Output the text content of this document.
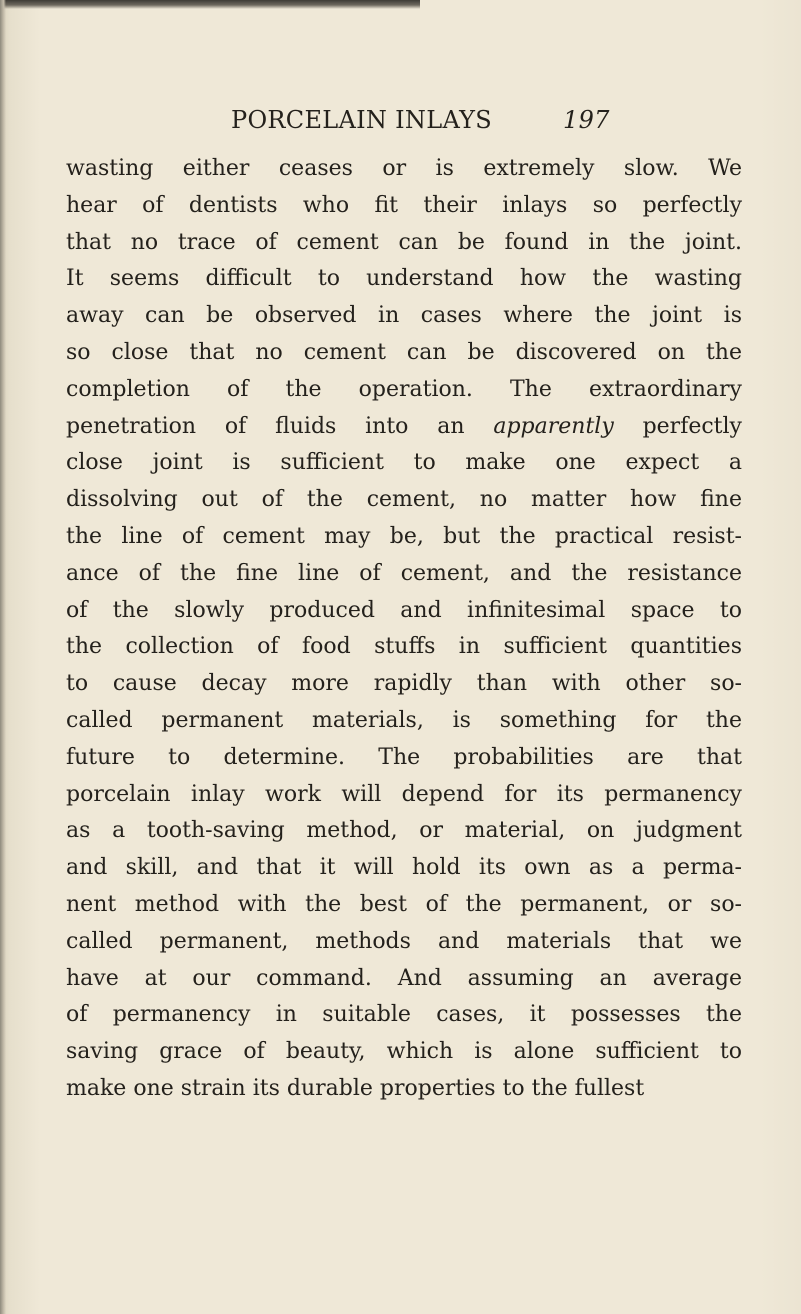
PORCELAIN INLAYS	197
wasting either ceases or is extremely slow. We
hear of dentists who fit their inlays so perfectly
that no trace of cement can be found in the joint.
It seems difficult to understand how the wasting
away can be observed in cases where the joint is
so close that no cement can be discovered on the
completion of the operation. The extraordinary
penetration of fluids into an apparently perfectly
close joint is sufficient to make one expect a
dissolving out of the cement, no matter how fine
the line of cement may be, but the practical resist-
ance of the fine line of cement, and the resistance
of the slowly produced and infinitesimal space to
the collection of food stuffs in sufficient quantities
to cause decay more rapidly than with other so-
called permanent materials, is something for the
future to determine. The probabilities are that
porcelain inlay work will depend for its permanency
as a tooth-saving method, or material, on judgment
and skill, and that it will hold its own as a perma-
nent method with the best of the permanent, or so-
called permanent, methods and materials that we
have at our command. And assuming an average
of permanency in suitable cases, it possesses the
saving grace of beauty, which is alone sufficient to
make one strain its durable properties to the fullest
